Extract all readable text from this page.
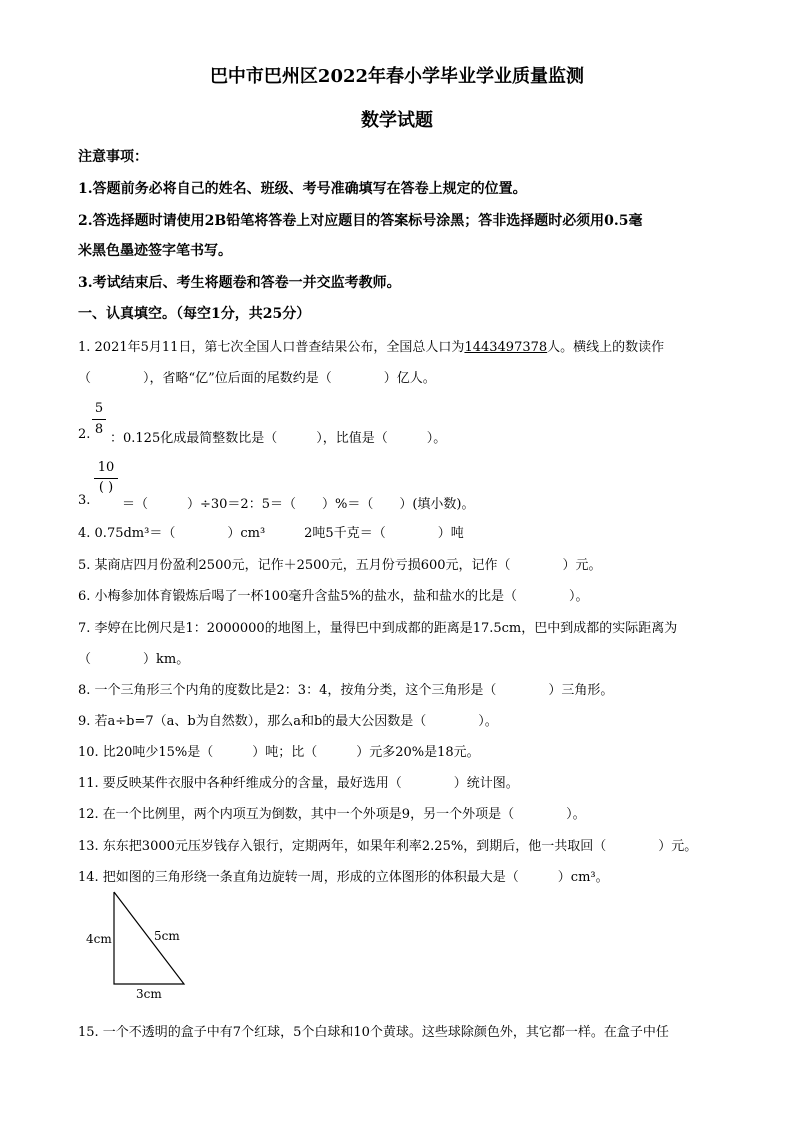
巴中市巴州区2022年春小学毕业学业质量监测
数学试题
注意事项：
1.答题前务必将自己的姓名、班级、考号准确填写在答卷上规定的位置。
2.答选择题时请使用2B铅笔将答卷上对应题目的答案标号涂黑；答非选择题时必须用0.5毫
米黑色墨迹签字笔书写。
3.考试结束后、考生将题卷和答卷一并交监考教师。
一、认真填空。（每空1分，共25分）
1. 2021年5月11日，第七次全国人口普查结果公布，全国总人口为1443497378人。横线上的数读作
（　　　　），省略“亿”位后面的尾数约是（　　　　）亿人。
5
8
2. ：0.125化成最简整数比是（　　　），比值是（　　　）。
10
( )
3. ＝（　　　）÷30＝2：5＝（　　）%＝（　　）(填小数)。
4. 0.75dm³＝（　　　　）cm³　　　2吨5千克＝（　　　　）吨
5. 某商店四月份盈利2500元，记作＋2500元，五月份亏损600元，记作（　　　　）元。
6. 小梅参加体育锻炼后喝了一杯100毫升含盐5%的盐水，盐和盐水的比是（　　　　）。
7. 李婷在比例尺是1：2000000的地图上，量得巴中到成都的距离是17.5cm，巴中到成都的实际距离为
（　　　　）km。
8. 一个三角形三个内角的度数比是2：3：4，按角分类，这个三角形是（　　　　）三角形。
9. 若a÷b=7（a、b为自然数），那么a和b的最大公因数是（　　　　）。
10. 比20吨少15%是（　　　）吨；比（　　　）元多20%是18元。
11. 要反映某件衣服中各种纤维成分的含量，最好选用（　　　　）统计图。
12. 在一个比例里，两个内项互为倒数，其中一个外项是9，另一个外项是（　　　　）。
13. 东东把3000元压岁钱存入银行，定期两年，如果年利率2.25%，到期后，他一共取回（　　　　）元。
14. 把如图的三角形绕一条直角边旋转一周，形成的立体图形的体积最大是（　　　）cm³。
4cm	5cm
3cm
15. 一个不透明的盒子中有7个红球，5个白球和10个黄球。这些球除颜色外，其它都一样。在盒子中任
